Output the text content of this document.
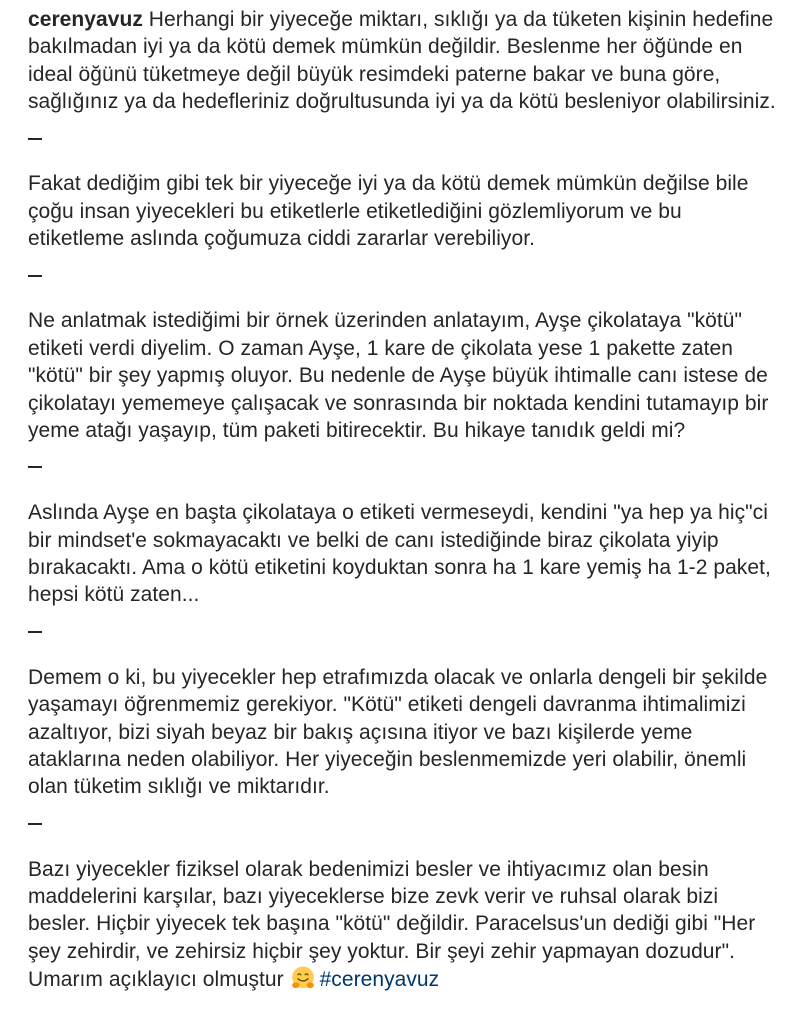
cerenyavuz Herhangi bir yiyeceğe miktarı, sıklığı ya da tüketen kişinin hedefine bakılmadan iyi ya da kötü demek mümkün değildir. Beslenme her öğünde en ideal öğünü tüketmeye değil büyük resimdeki paterne bakar ve buna göre, sağlığınız ya da hedefleriniz doğrultusunda iyi ya da kötü besleniyor olabilirsiniz.

Fakat dediğim gibi tek bir yiyeceğe iyi ya da kötü demek mümkün değilse bile çoğu insan yiyecekleri bu etiketlerle etiketlediğini gözlemliyorum ve bu etiketleme aslında çoğumuza ciddi zararlar verebiliyor.

Ne anlatmak istediğimi bir örnek üzerinden anlatayım, Ayşe çikolataya "kötü" etiketi verdi diyelim. O zaman Ayşe, 1 kare de çikolata yese 1 pakette zaten "kötü" bir şey yapmış oluyor. Bu nedenle de Ayşe büyük ihtimalle canı istese de çikolatayı yememeye çalışacak ve sonrasında bir noktada kendini tutamayıp bir yeme atağı yaşayıp, tüm paketi bitirecektir. Bu hikaye tanıdık geldi mi?

Aslında Ayşe en başta çikolataya o etiketi vermeseydi, kendini "ya hep ya hiç"ci bir mindset'e sokmayacaktı ve belki de canı istediğinde biraz çikolata yiyip bırakacaktı. Ama o kötü etiketini koyduktan sonra ha 1 kare yemiş ha 1-2 paket, hepsi kötü zaten...

Demem o ki, bu yiyecekler hep etrafımızda olacak ve onlarla dengeli bir şekilde yaşamayı öğrenmemiz gerekiyor. "Kötü" etiketi dengeli davranma ihtimalimizi azaltıyor, bizi siyah beyaz bir bakış açısına itiyor ve bazı kişilerde yeme ataklarına neden olabiliyor. Her yiyeceğin beslenmemizde yeri olabilir, önemli olan tüketim sıklığı ve miktarıdır.

Bazı yiyecekler fiziksel olarak bedenimizi besler ve ihtiyacımız olan besin maddelerini karşılar, bazı yiyeceklerse bize zevk verir ve ruhsal olarak bizi besler. Hiçbir yiyecek tek başına "kötü" değildir. Paracelsus'un dediği gibi "Her şey zehirdir, ve zehirsiz hiçbir şey yoktur. Bir şeyi zehir yapmayan dozudur". Umarım açıklayıcı olmuştur #cerenyavuz
